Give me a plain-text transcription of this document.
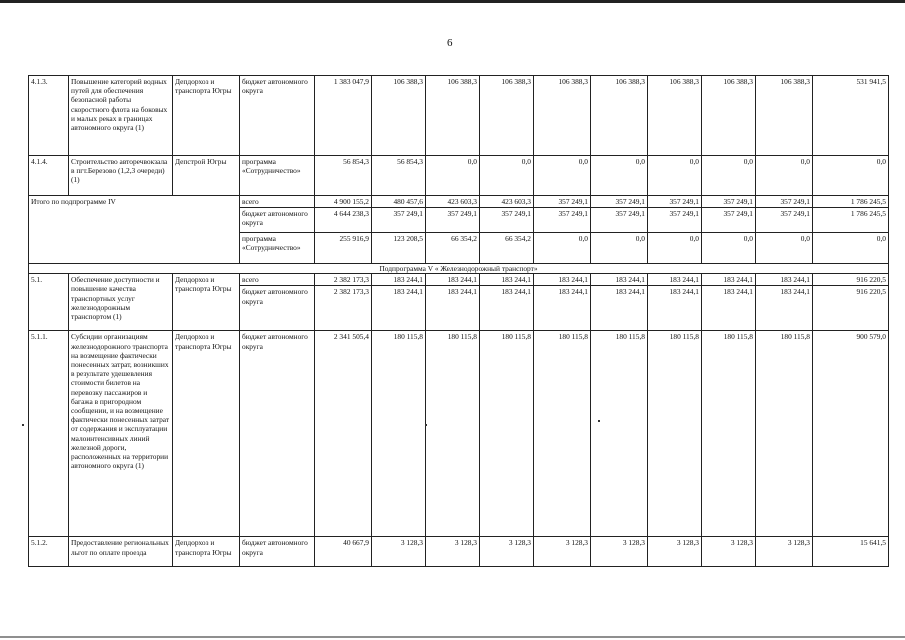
6
4.1.3.	Повышение категорий водных путей для обеспечения безопасной работы скоростного флота на боковых и малых реках в границах автономного округа (1)	Депдорхоз и транспорта Югры	бюджет автономного округа	1 383 047,9	106 388,3	106 388,3	106 388,3	106 388,3	106 388,3	106 388,3	106 388,3	106 388,3	531 941,5
4.1.4.	Строительство авторечвокзала в пгт.Березово (1,2,3 очереди) (1)	Депстрой Югры	программа «Сотрудничество»	56 854,3	56 854,3	0,0	0,0	0,0	0,0	0,0	0,0	0,0	0,0
Итого по подпрограмме IV			всего	4 900 155,2	480 457,6	423 603,3	423 603,3	357 249,1	357 249,1	357 249,1	357 249,1	357 249,1	1 786 245,5
			бюджет автономного округа	4 644 238,3	357 249,1	357 249,1	357 249,1	357 249,1	357 249,1	357 249,1	357 249,1	357 249,1	1 786 245,5
			программа «Сотрудничество»	255 916,9	123 208,5	66 354,2	66 354,2	0,0	0,0	0,0	0,0	0,0	0,0
Подпрограмма V « Железнодорожный транспорт»													
5.1.	Обеспечение доступности и повышение качества транспортных услуг железнодорожным транспортом (1)	Депдорхоз и транспорта Югры	всего	2 382 173,3	183 244,1	183 244,1	183 244,1	183 244,1	183 244,1	183 244,1	183 244,1	183 244,1	916 220,5
			бюджет автономного округа	2 382 173,3	183 244,1	183 244,1	183 244,1	183 244,1	183 244,1	183 244,1	183 244,1	183 244,1	916 220,5
5.1.1.	Субсидии организациям железнодорожного транспорта на возмещение фактически понесенных затрат, возникших в результате удешевления стоимости билетов на перевозку пассажиров и багажа в пригородном сообщении, и на возмещение фактически понесенных затрат от содержания и эксплуатации малоинтенсивных линий железной дороги, расположенных на территории автономного округа (1)	Депдорхоз и транспорта Югры	бюджет автономного округа	2 341 505,4	180 115,8	180 115,8	180 115,8	180 115,8	180 115,8	180 115,8	180 115,8	180 115,8	900 579,0
5.1.2.	Предоставление региональных льгот по оплате проезда	Депдорхоз и транспорта Югры	бюджет автономного округа	40 667,9	3 128,3	3 128,3	3 128,3	3 128,3	3 128,3	3 128,3	3 128,3	3 128,3	15 641,5
